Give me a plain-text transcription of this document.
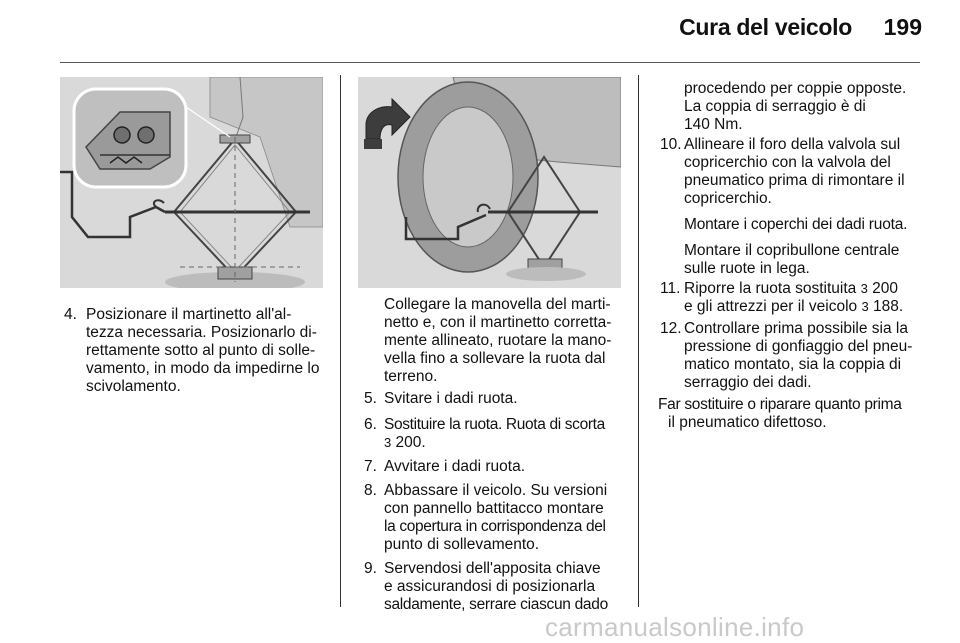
Cura del veicolo 199
4. Posizionare il martinetto all'al-
tezza necessaria. Posizionarlo di-
rettamente sotto al punto di solle-
vamento, in modo da impedirne lo
scivolamento.
Collegare la manovella del marti-
netto e, con il martinetto corretta-
mente allineato, ruotare la mano-
vella fino a sollevare la ruota dal
terreno.
5. Svitare i dadi ruota.
6. Sostituire la ruota. Ruota di scorta
3 200.
7. Avvitare i dadi ruota.
8. Abbassare il veicolo. Su versioni
con pannello battitacco montare
la copertura in corrispondenza del
punto di sollevamento.
9. Servendosi dell'apposita chiave
e assicurandosi di posizionarla
saldamente, serrare ciascun dado
procedendo per coppie opposte.
La coppia di serraggio è di
140 Nm.
10. Allineare il foro della valvola sul
copricerchio con la valvola del
pneumatico prima di rimontare il
copricerchio.
Montare i coperchi dei dadi ruota.
Montare il copribullone centrale
sulle ruote in lega.
11. Riporre la ruota sostituita 3 200
e gli attrezzi per il veicolo 3 188.
12. Controllare prima possibile sia la
pressione di gonfiaggio del pneu-
matico montato, sia la coppia di
serraggio dei dadi.
Far sostituire o riparare quanto prima
il pneumatico difettoso.
carmanualsonline.info
